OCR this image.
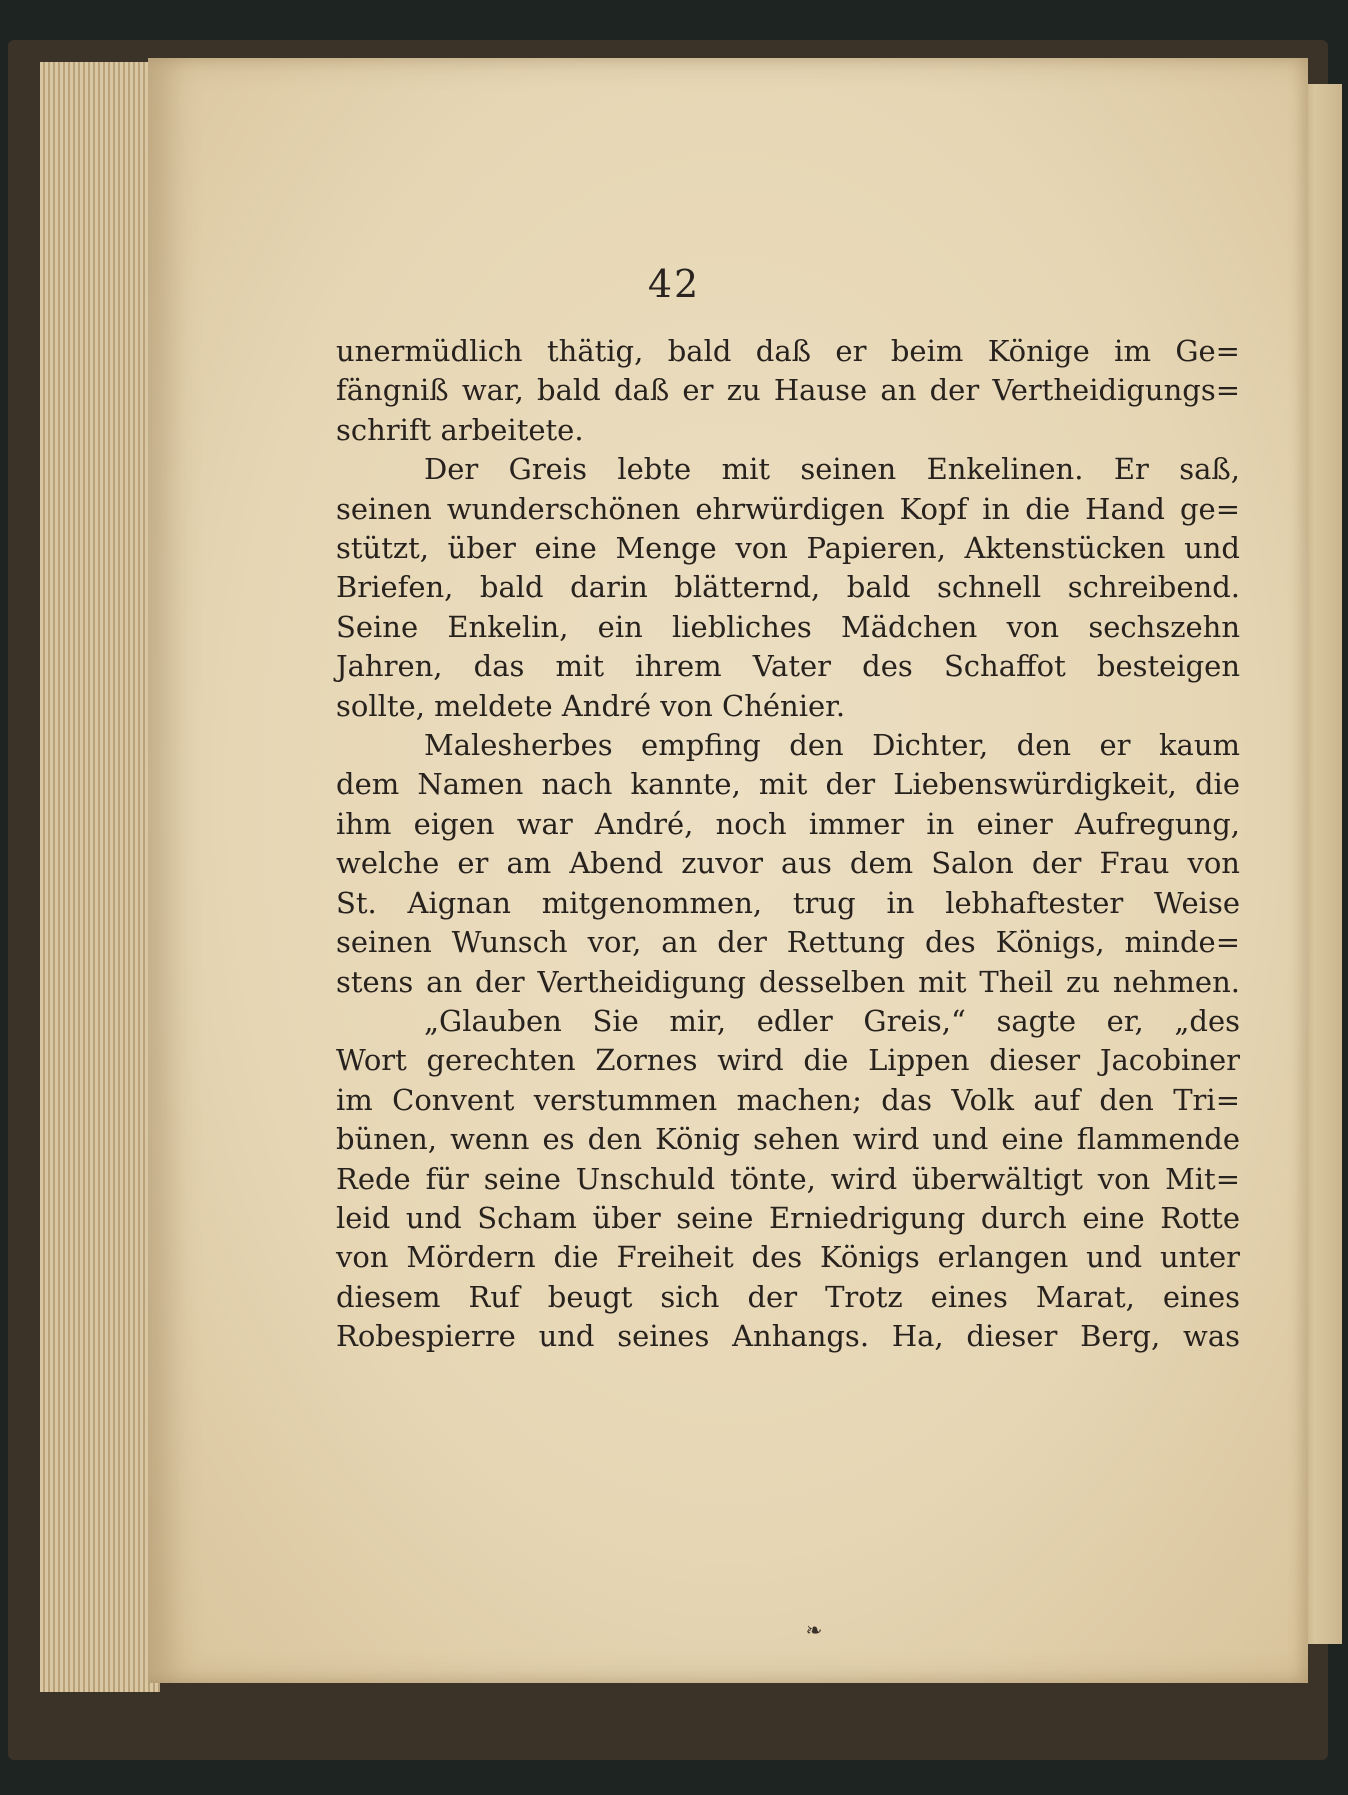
42
unermüdlich thätig, bald daß er beim Könige im Ge=
fängniß war, bald daß er zu Hause an der Vertheidigungs=
schrift arbeitete.
Der Greis lebte mit seinen Enkelinen. Er saß,
seinen wunderschönen ehrwürdigen Kopf in die Hand ge=
stützt, über eine Menge von Papieren, Aktenstücken und
Briefen, bald darin blätternd, bald schnell schreibend.
Seine Enkelin, ein liebliches Mädchen von sechszehn
Jahren, das mit ihrem Vater des Schaffot besteigen
sollte, meldete André von Chénier.
Malesherbes empfing den Dichter, den er kaum
dem Namen nach kannte, mit der Liebenswürdigkeit, die
ihm eigen war André, noch immer in einer Aufregung,
welche er am Abend zuvor aus dem Salon der Frau von
St. Aignan mitgenommen, trug in lebhaftester Weise
seinen Wunsch vor, an der Rettung des Königs, minde=
stens an der Vertheidigung desselben mit Theil zu nehmen.
„Glauben Sie mir, edler Greis,“ sagte er, „des
Wort gerechten Zornes wird die Lippen dieser Jacobiner
im Convent verstummen machen; das Volk auf den Tri=
bünen, wenn es den König sehen wird und eine flammende
Rede für seine Unschuld tönte, wird überwältigt von Mit=
leid und Scham über seine Erniedrigung durch eine Rotte
von Mördern die Freiheit des Königs erlangen und unter
diesem Ruf beugt sich der Trotz eines Marat, eines
Robespierre und seines Anhangs. Ha, dieser Berg, was
❧
